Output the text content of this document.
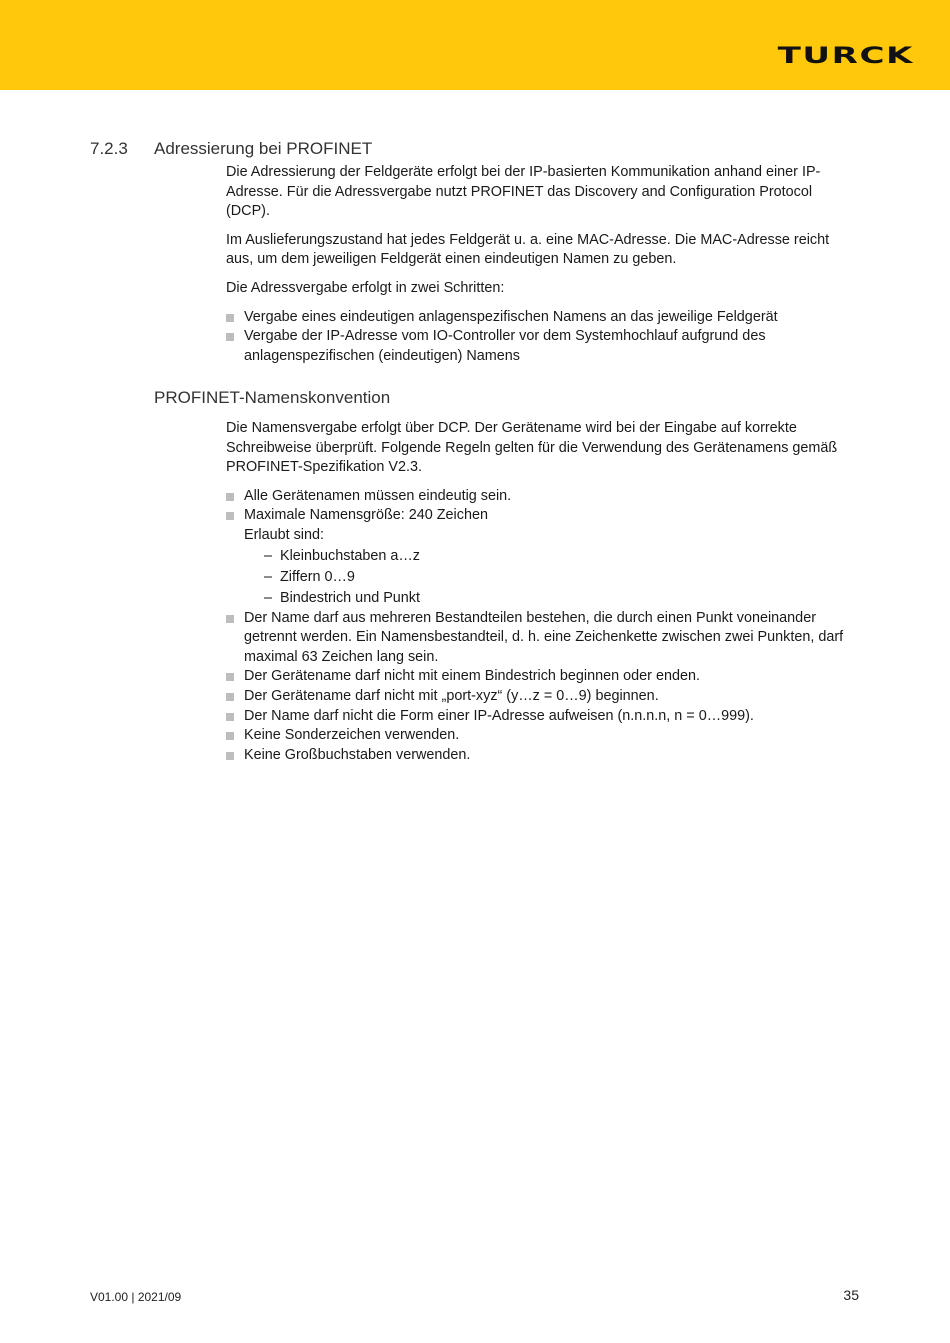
TURCK
7.2.3 Adressierung bei PROFINET

Die Adressierung der Feldgeräte erfolgt bei der IP-basierten Kommunikation anhand einer IP-Adresse. Für die Adressvergabe nutzt PROFINET das Discovery and Configuration Protocol (DCP).

Im Auslieferungszustand hat jedes Feldgerät u. a. eine MAC-Adresse. Die MAC-Adresse reicht aus, um dem jeweiligen Feldgerät einen eindeutigen Namen zu geben.

Die Adressvergabe erfolgt in zwei Schritten:

Vergabe eines eindeutigen anlagenspezifischen Namens an das jeweilige Feldgerät
Vergabe der IP-Adresse vom IO-Controller vor dem Systemhochlauf aufgrund des anlagenspezifischen (eindeutigen) Namens
PROFINET-Namenskonvention

Die Namensvergabe erfolgt über DCP. Der Gerätename wird bei der Eingabe auf korrekte Schreibweise überprüft. Folgende Regeln gelten für die Verwendung des Gerätenamens gemäß PROFINET-Spezifikation V2.3.

Alle Gerätenamen müssen eindeutig sein.
Maximale Namensgröße: 240 Zeichen
Erlaubt sind:
– Kleinbuchstaben a…z
– Ziffern 0…9
– Bindestrich und Punkt
Der Name darf aus mehreren Bestandteilen bestehen, die durch einen Punkt voneinander getrennt werden. Ein Namensbestandteil, d. h. eine Zeichenkette zwischen zwei Punkten, darf maximal 63 Zeichen lang sein.
Der Gerätename darf nicht mit einem Bindestrich beginnen oder enden.
Der Gerätename darf nicht mit „port-xyz“ (y…z = 0…9) beginnen.
Der Name darf nicht die Form einer IP-Adresse aufweisen (n.n.n.n, n = 0…999).
Keine Sonderzeichen verwenden.
Keine Großbuchstaben verwenden.
V01.00 | 2021/09	35
